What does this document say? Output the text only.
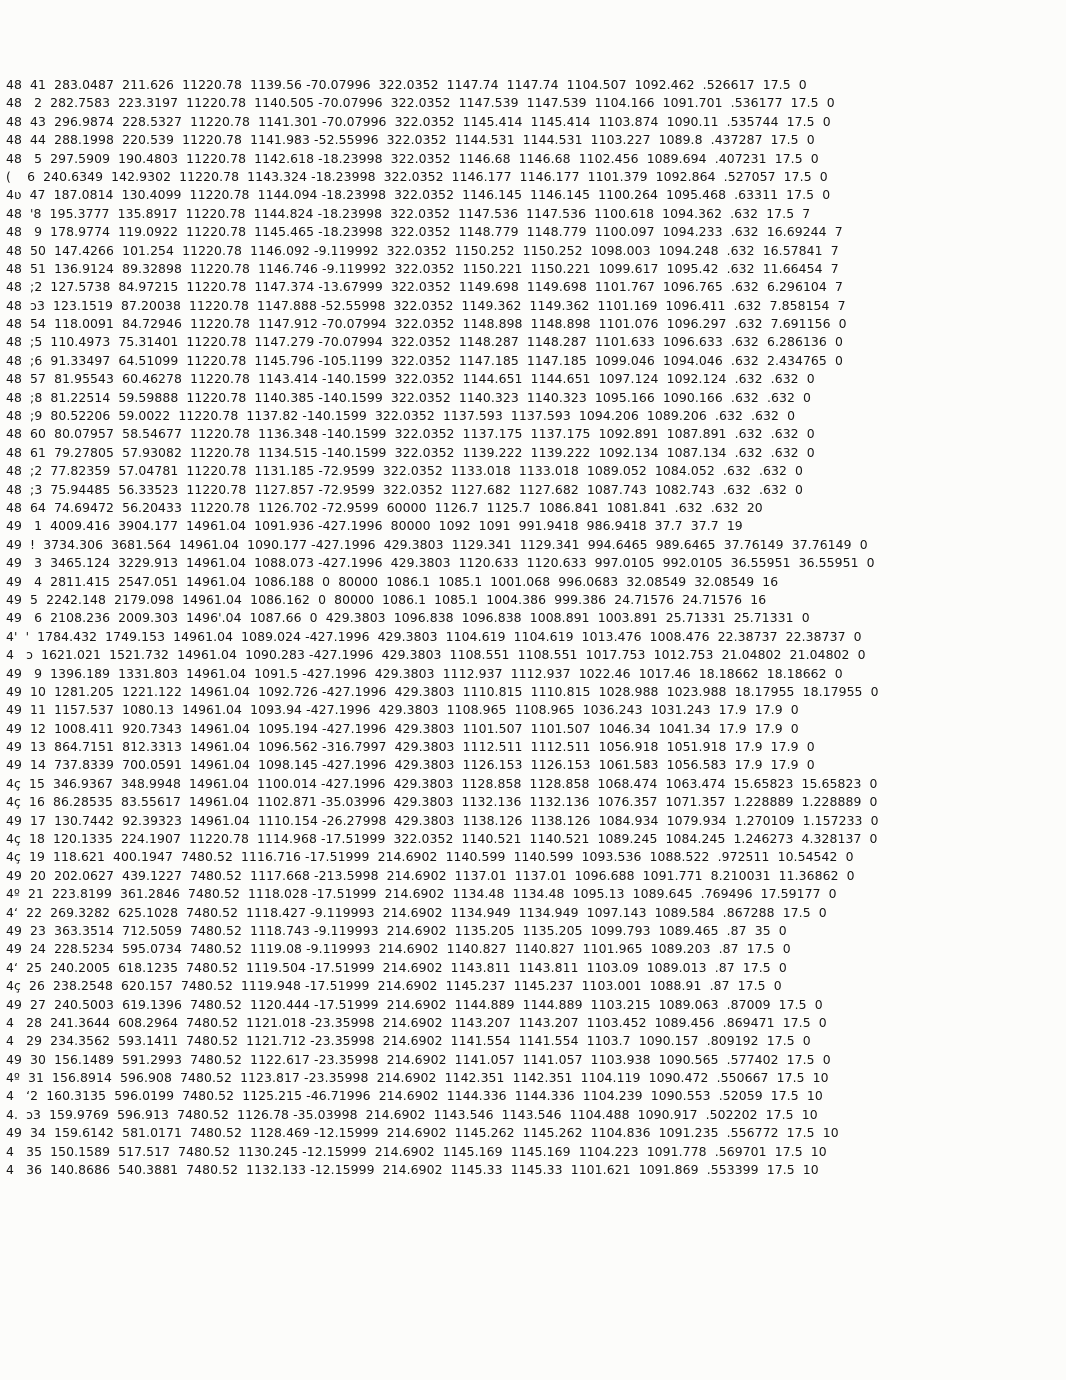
48  41  283.0487  211.626  11220.78  1139.56 -70.07996  322.0352  1147.74  1147.74  1104.507  1092.462  .526617  17.5  0
48   2  282.7583  223.3197  11220.78  1140.505 -70.07996  322.0352  1147.539  1147.539  1104.166  1091.701  .536177  17.5  0
48  43  296.9874  228.5327  11220.78  1141.301 -70.07996  322.0352  1145.414  1145.414  1103.874  1090.11  .535744  17.5  0
48  44  288.1998  220.539  11220.78  1141.983 -52.55996  322.0352  1144.531  1144.531  1103.227  1089.8  .437287  17.5  0
48   5  297.5909  190.4803  11220.78  1142.618 -18.23998  322.0352  1146.68  1146.68  1102.456  1089.694  .407231  17.5  0
(    6  240.6349  142.9302  11220.78  1143.324 -18.23998  322.0352  1146.177  1146.177  1101.379  1092.864  .527057  17.5  0
4ʋ  47  187.0814  130.4099  11220.78  1144.094 -18.23998  322.0352  1146.145  1146.145  1100.264  1095.468  .63311  17.5  0
48  '8  195.3777  135.8917  11220.78  1144.824 -18.23998  322.0352  1147.536  1147.536  1100.618  1094.362  .632  17.5  7
48   9  178.9774  119.0922  11220.78  1145.465 -18.23998  322.0352  1148.779  1148.779  1100.097  1094.233  .632  16.69244  7
48  50  147.4266  101.254  11220.78  1146.092 -9.119992  322.0352  1150.252  1150.252  1098.003  1094.248  .632  16.57841  7
48  51  136.9124  89.32898  11220.78  1146.746 -9.119992  322.0352  1150.221  1150.221  1099.617  1095.42  .632  11.66454  7
48  ;2  127.5738  84.97215  11220.78  1147.374 -13.67999  322.0352  1149.698  1149.698  1101.767  1096.765  .632  6.296104  7
48  ɔ3  123.1519  87.20038  11220.78  1147.888 -52.55998  322.0352  1149.362  1149.362  1101.169  1096.411  .632  7.858154  7
48  54  118.0091  84.72946  11220.78  1147.912 -70.07994  322.0352  1148.898  1148.898  1101.076  1096.297  .632  7.691156  0
48  ;5  110.4973  75.31401  11220.78  1147.279 -70.07994  322.0352  1148.287  1148.287  1101.633  1096.633  .632  6.286136  0
48  ;6  91.33497  64.51099  11220.78  1145.796 -105.1199  322.0352  1147.185  1147.185  1099.046  1094.046  .632  2.434765  0
48  57  81.95543  60.46278  11220.78  1143.414 -140.1599  322.0352  1144.651  1144.651  1097.124  1092.124  .632  .632  0
48  ;8  81.22514  59.59888  11220.78  1140.385 -140.1599  322.0352  1140.323  1140.323  1095.166  1090.166  .632  .632  0
48  ;9  80.52206  59.0022  11220.78  1137.82 -140.1599  322.0352  1137.593  1137.593  1094.206  1089.206  .632  .632  0
48  60  80.07957  58.54677  11220.78  1136.348 -140.1599  322.0352  1137.175  1137.175  1092.891  1087.891  .632  .632  0
48  61  79.27805  57.93082  11220.78  1134.515 -140.1599  322.0352  1139.222  1139.222  1092.134  1087.134  .632  .632  0
48  ;2  77.82359  57.04781  11220.78  1131.185 -72.9599  322.0352  1133.018  1133.018  1089.052  1084.052  .632  .632  0
48  ;3  75.94485  56.33523  11220.78  1127.857 -72.9599  322.0352  1127.682  1127.682  1087.743  1082.743  .632  .632  0
48  64  74.69472  56.20433  11220.78  1126.702 -72.9599  60000  1126.7  1125.7  1086.841  1081.841  .632  .632  20
49   1  4009.416  3904.177  14961.04  1091.936 -427.1996  80000  1092  1091  991.9418  986.9418  37.7  37.7  19
49  !  3734.306  3681.564  14961.04  1090.177 -427.1996  429.3803  1129.341  1129.341  994.6465  989.6465  37.76149  37.76149  0
49   3  3465.124  3229.913  14961.04  1088.073 -427.1996  429.3803  1120.633  1120.633  997.0105  992.0105  36.55951  36.55951  0
49   4  2811.415  2547.051  14961.04  1086.188  0  80000  1086.1  1085.1  1001.068  996.0683  32.08549  32.08549  16
49  5  2242.148  2179.098  14961.04  1086.162  0  80000  1086.1  1085.1  1004.386  999.386  24.71576  24.71576  16
49   6  2108.236  2009.303  1496'.04  1087.66  0  429.3803  1096.838  1096.838  1008.891  1003.891  25.71331  25.71331  0
4'  '  1784.432  1749.153  14961.04  1089.024 -427.1996  429.3803  1104.619  1104.619  1013.476  1008.476  22.38737  22.38737  0
4   ɔ  1621.021  1521.732  14961.04  1090.283 -427.1996  429.3803  1108.551  1108.551  1017.753  1012.753  21.04802  21.04802  0
49   9  1396.189  1331.803  14961.04  1091.5 -427.1996  429.3803  1112.937  1112.937  1022.46  1017.46  18.18662  18.18662  0
49  10  1281.205  1221.122  14961.04  1092.726 -427.1996  429.3803  1110.815  1110.815  1028.988  1023.988  18.17955  18.17955  0
49  11  1157.537  1080.13  14961.04  1093.94 -427.1996  429.3803  1108.965  1108.965  1036.243  1031.243  17.9  17.9  0
49  12  1008.411  920.7343  14961.04  1095.194 -427.1996  429.3803  1101.507  1101.507  1046.34  1041.34  17.9  17.9  0
49  13  864.7151  812.3313  14961.04  1096.562 -316.7997  429.3803  1112.511  1112.511  1056.918  1051.918  17.9  17.9  0
49  14  737.8339  700.0591  14961.04  1098.145 -427.1996  429.3803  1126.153  1126.153  1061.583  1056.583  17.9  17.9  0
4ç  15  346.9367  348.9948  14961.04  1100.014 -427.1996  429.3803  1128.858  1128.858  1068.474  1063.474  15.65823  15.65823  0
4ç  16  86.28535  83.55617  14961.04  1102.871 -35.03996  429.3803  1132.136  1132.136  1076.357  1071.357  1.228889  1.228889  0
49  17  130.7442  92.39323  14961.04  1110.154 -26.27998  429.3803  1138.126  1138.126  1084.934  1079.934  1.270109  1.157233  0
4ç  18  120.1335  224.1907  11220.78  1114.968 -17.51999  322.0352  1140.521  1140.521  1089.245  1084.245  1.246273  4.328137  0
4ç  19  118.621  400.1947  7480.52  1116.716 -17.51999  214.6902  1140.599  1140.599  1093.536  1088.522  .972511  10.54542  0
49  20  202.0627  439.1227  7480.52  1117.668 -213.5998  214.6902  1137.01  1137.01  1096.688  1091.771  8.210031  11.36862  0
4º  21  223.8199  361.2846  7480.52  1118.028 -17.51999  214.6902  1134.48  1134.48  1095.13  1089.645  .769496  17.59177  0
4ʻ  22  269.3282  625.1028  7480.52  1118.427 -9.119993  214.6902  1134.949  1134.949  1097.143  1089.584  .867288  17.5  0
49  23  363.3514  712.5059  7480.52  1118.743 -9.119993  214.6902  1135.205  1135.205  1099.793  1089.465  .87  35  0
49  24  228.5234  595.0734  7480.52  1119.08 -9.119993  214.6902  1140.827  1140.827  1101.965  1089.203  .87  17.5  0
4ʻ  25  240.2005  618.1235  7480.52  1119.504 -17.51999  214.6902  1143.811  1143.811  1103.09  1089.013  .87  17.5  0
4ç  26  238.2548  620.157  7480.52  1119.948 -17.51999  214.6902  1145.237  1145.237  1103.001  1088.91  .87  17.5  0
49  27  240.5003  619.1396  7480.52  1120.444 -17.51999  214.6902  1144.889  1144.889  1103.215  1089.063  .87009  17.5  0
4   28  241.3644  608.2964  7480.52  1121.018 -23.35998  214.6902  1143.207  1143.207  1103.452  1089.456  .869471  17.5  0
4   29  234.3562  593.1411  7480.52  1121.712 -23.35998  214.6902  1141.554  1141.554  1103.7  1090.157  .809192  17.5  0
49  30  156.1489  591.2993  7480.52  1122.617 -23.35998  214.6902  1141.057  1141.057  1103.938  1090.565  .577402  17.5  0
4º  31  156.8914  596.908  7480.52  1123.817 -23.35998  214.6902  1142.351  1142.351  1104.119  1090.472  .550667  17.5  10
4   ʻ2  160.3135  596.0199  7480.52  1125.215 -46.71996  214.6902  1144.336  1144.336  1104.239  1090.553  .52059  17.5  10
4.  ɔ3  159.9769  596.913  7480.52  1126.78 -35.03998  214.6902  1143.546  1143.546  1104.488  1090.917  .502202  17.5  10
49  34  159.6142  581.0171  7480.52  1128.469 -12.15999  214.6902  1145.262  1145.262  1104.836  1091.235  .556772  17.5  10
4   35  150.1589  517.517  7480.52  1130.245 -12.15999  214.6902  1145.169  1145.169  1104.223  1091.778  .569701  17.5  10
4   36  140.8686  540.3881  7480.52  1132.133 -12.15999  214.6902  1145.33  1145.33  1101.621  1091.869  .553399  17.5  10
